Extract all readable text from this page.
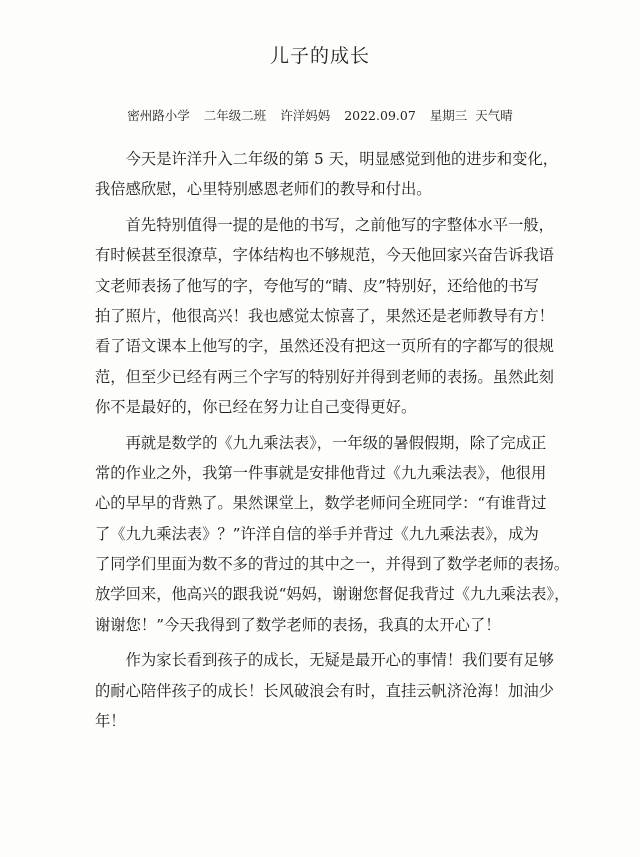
儿子的成长
密州路小学 二年级二班 许洋妈妈 2022.09.07 星期三 天气晴
　　今天是许洋升入二年级的第 5 天，明显感觉到他的进步和变化，
我倍感欣慰，心里特别感恩老师们的教导和付出。
　　首先特别值得一提的是他的书写，之前他写的字整体水平一般，
有时候甚至很潦草，字体结构也不够规范，今天他回家兴奋告诉我语
文老师表扬了他写的字，夸他写的“睛、皮”特别好，还给他的书写
拍了照片，他很高兴！我也感觉太惊喜了，果然还是老师教导有方！
看了语文课本上他写的字，虽然还没有把这一页所有的字都写的很规
范，但至少已经有两三个字写的特别好并得到老师的表扬。虽然此刻
你不是最好的，你已经在努力让自己变得更好。
　　再就是数学的《九九乘法表》，一年级的暑假假期，除了完成正
常的作业之外，我第一件事就是安排他背过《九九乘法表》，他很用
心的早早的背熟了。果然课堂上，数学老师问全班同学：“有谁背过
了《九九乘法表》？”许洋自信的举手并背过《九九乘法表》，成为
了同学们里面为数不多的背过的其中之一，并得到了数学老师的表扬。
放学回来，他高兴的跟我说“妈妈，谢谢您督促我背过《九九乘法表》，
谢谢您！”今天我得到了数学老师的表扬，我真的太开心了！
　　作为家长看到孩子的成长，无疑是最开心的事情！我们要有足够
的耐心陪伴孩子的成长！长风破浪会有时，直挂云帆济沧海！加油少
年！
